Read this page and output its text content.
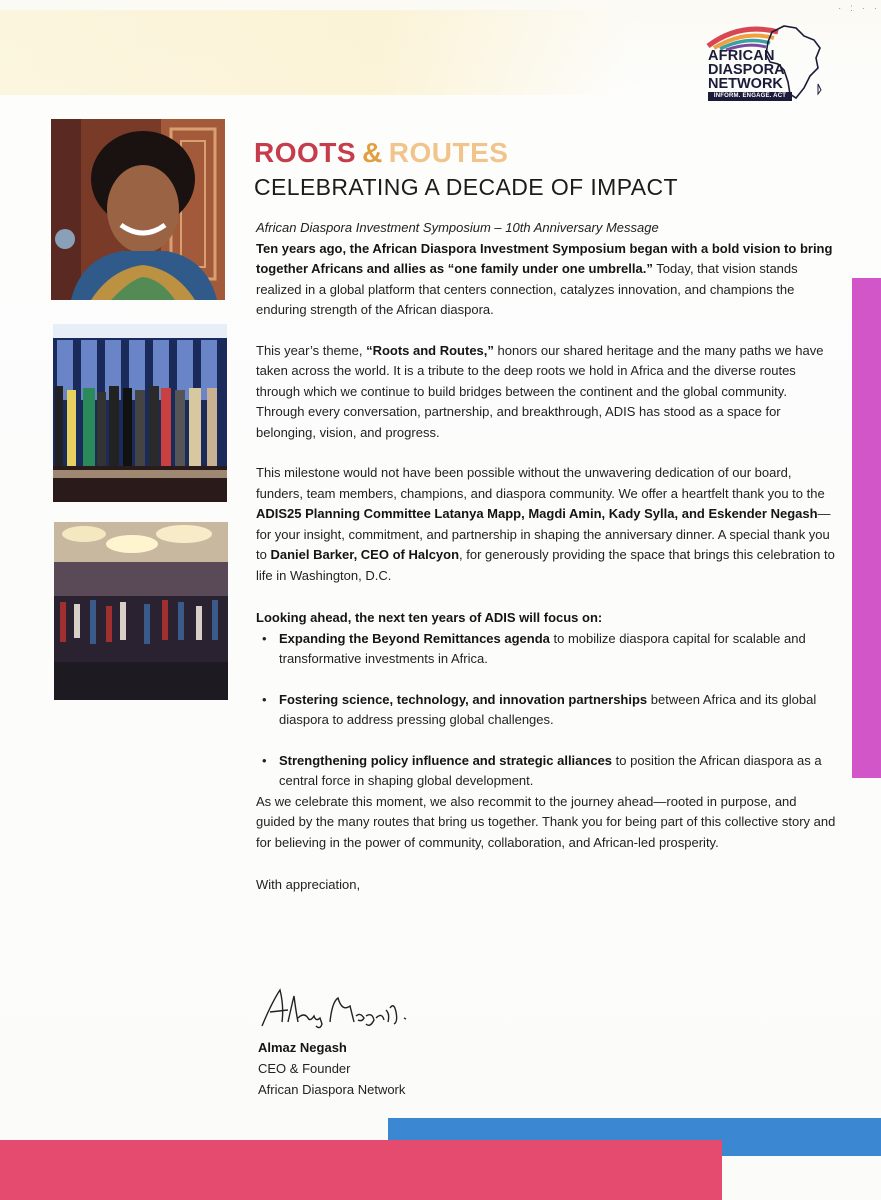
· : · ·
AFRICAN
DIASPORA
NETWORK
INFORM. ENGAGE. ACT
ROOTS & ROUTES
CELEBRATING A DECADE OF IMPACT

African Diaspora Investment Symposium – 10th Anniversary Message

Ten years ago, the African Diaspora Investment Symposium began with a bold vision to bring together Africans and allies as “one family under one umbrella.” Today, that vision stands realized in a global platform that centers connection, catalyzes innovation, and champions the enduring strength of the African diaspora.

This year’s theme, “Roots and Routes,” honors our shared heritage and the many paths we have taken across the world. It is a tribute to the deep roots we hold in Africa and the diverse routes through which we continue to build bridges between the continent and the global community. Through every conversation, partnership, and breakthrough, ADIS has stood as a space for belonging, vision, and progress.

This milestone would not have been possible without the unwavering dedication of our board, funders, team members, champions, and diaspora community. We offer a heartfelt thank you to the ADIS25 Planning Committee Latanya Mapp, Magdi Amin, Kady Sylla, and Eskender Negash—for your insight, commitment, and partnership in shaping the anniversary dinner. A special thank you to Daniel Barker, CEO of Halcyon, for generously providing the space that brings this celebration to life in Washington, D.C.

Looking ahead, the next ten years of ADIS will focus on:

• Expanding the Beyond Remittances agenda to mobilize diaspora capital for scalable and transformative investments in Africa.
• Fostering science, technology, and innovation partnerships between Africa and its global diaspora to address pressing global challenges.
• Strengthening policy influence and strategic alliances to position the African diaspora as a central force in shaping global development.

As we celebrate this moment, we also recommit to the journey ahead—rooted in purpose, and guided by the many routes that bring us together. Thank you for being part of this collective story and for believing in the power of community, collaboration, and African-led prosperity.

With appreciation,

Almaz Negash
CEO & Founder
African Diaspora Network
